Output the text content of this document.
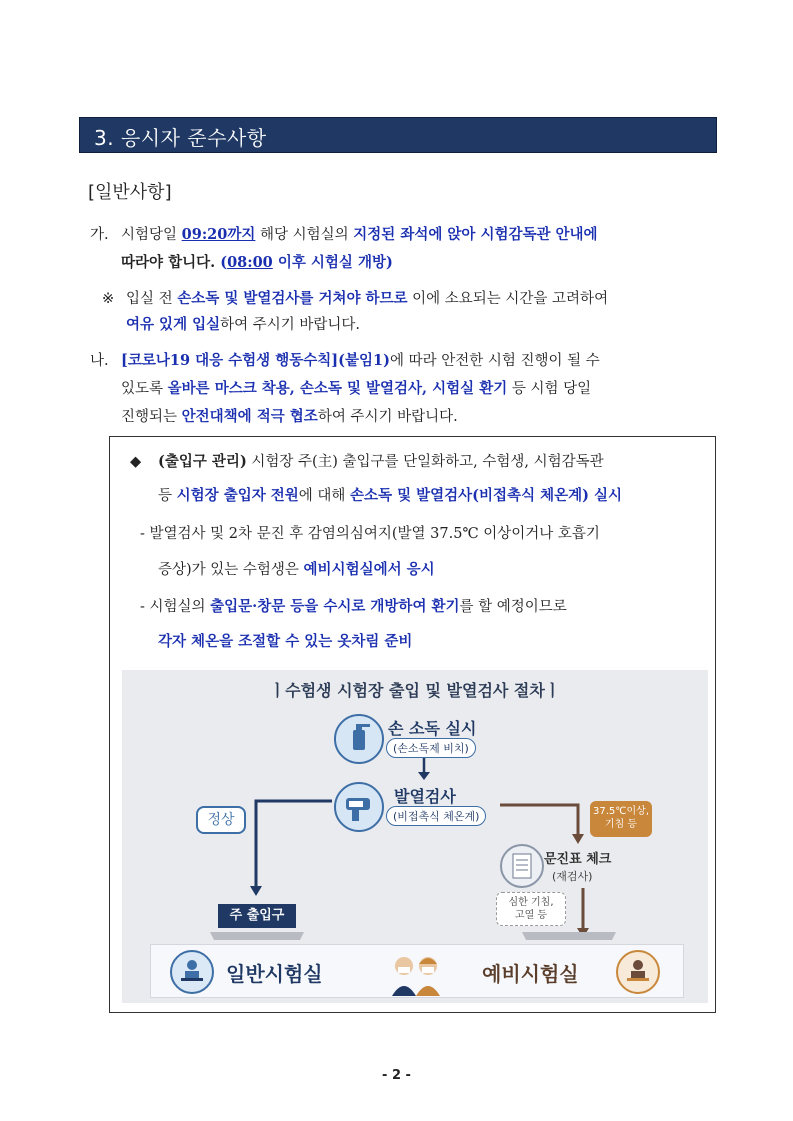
3. 응시자 준수사항
[일반사항]
가. 시험당일 09:20까지 해당 시험실의 지정된 좌석에 앉아 시험감독관 안내에
따라야 합니다. (08:00 이후 시험실 개방)
※ 입실 전 손소독 및 발열검사를 거쳐야 하므로 이에 소요되는 시간을 고려하여
여유 있게 입실하여 주시기 바랍니다.
나. [코로나19 대응 수험생 행동수칙](붙임1)에 따라 안전한 시험 진행이 될 수
있도록 올바른 마스크 착용, 손소독 및 발열검사, 시험실 환기 등 시험 당일
진행되는 안전대책에 적극 협조하여 주시기 바랍니다.
◆ (출입구 관리) 시험장 주(主) 출입구를 단일화하고, 수험생, 시험감독관
등 시험장 출입자 전원에 대해 손소독 및 발열검사(비접촉식 체온계) 실시
- 발열검사 및 2차 문진 후 감염의심여지(발열 37.5℃ 이상이거나 호흡기
증상)가 있는 수험생은 예비시험실에서 응시
- 시험실의 출입문·창문 등을 수시로 개방하여 환기를 할 예정이므로
각자 체온을 조절할 수 있는 옷차림 준비
ㅣ수험생 시험장 출입 및 발열검사 절차ㅣ
손 소독 실시
(손소독제 비치)
발열검사
(비접촉식 체온계)
정상
37.5℃이상,
기침 등
문진표 체크
(재검사)
심한 기침,
고열 등
주 출입구
일반시험실	예비시험실
- 2 -
